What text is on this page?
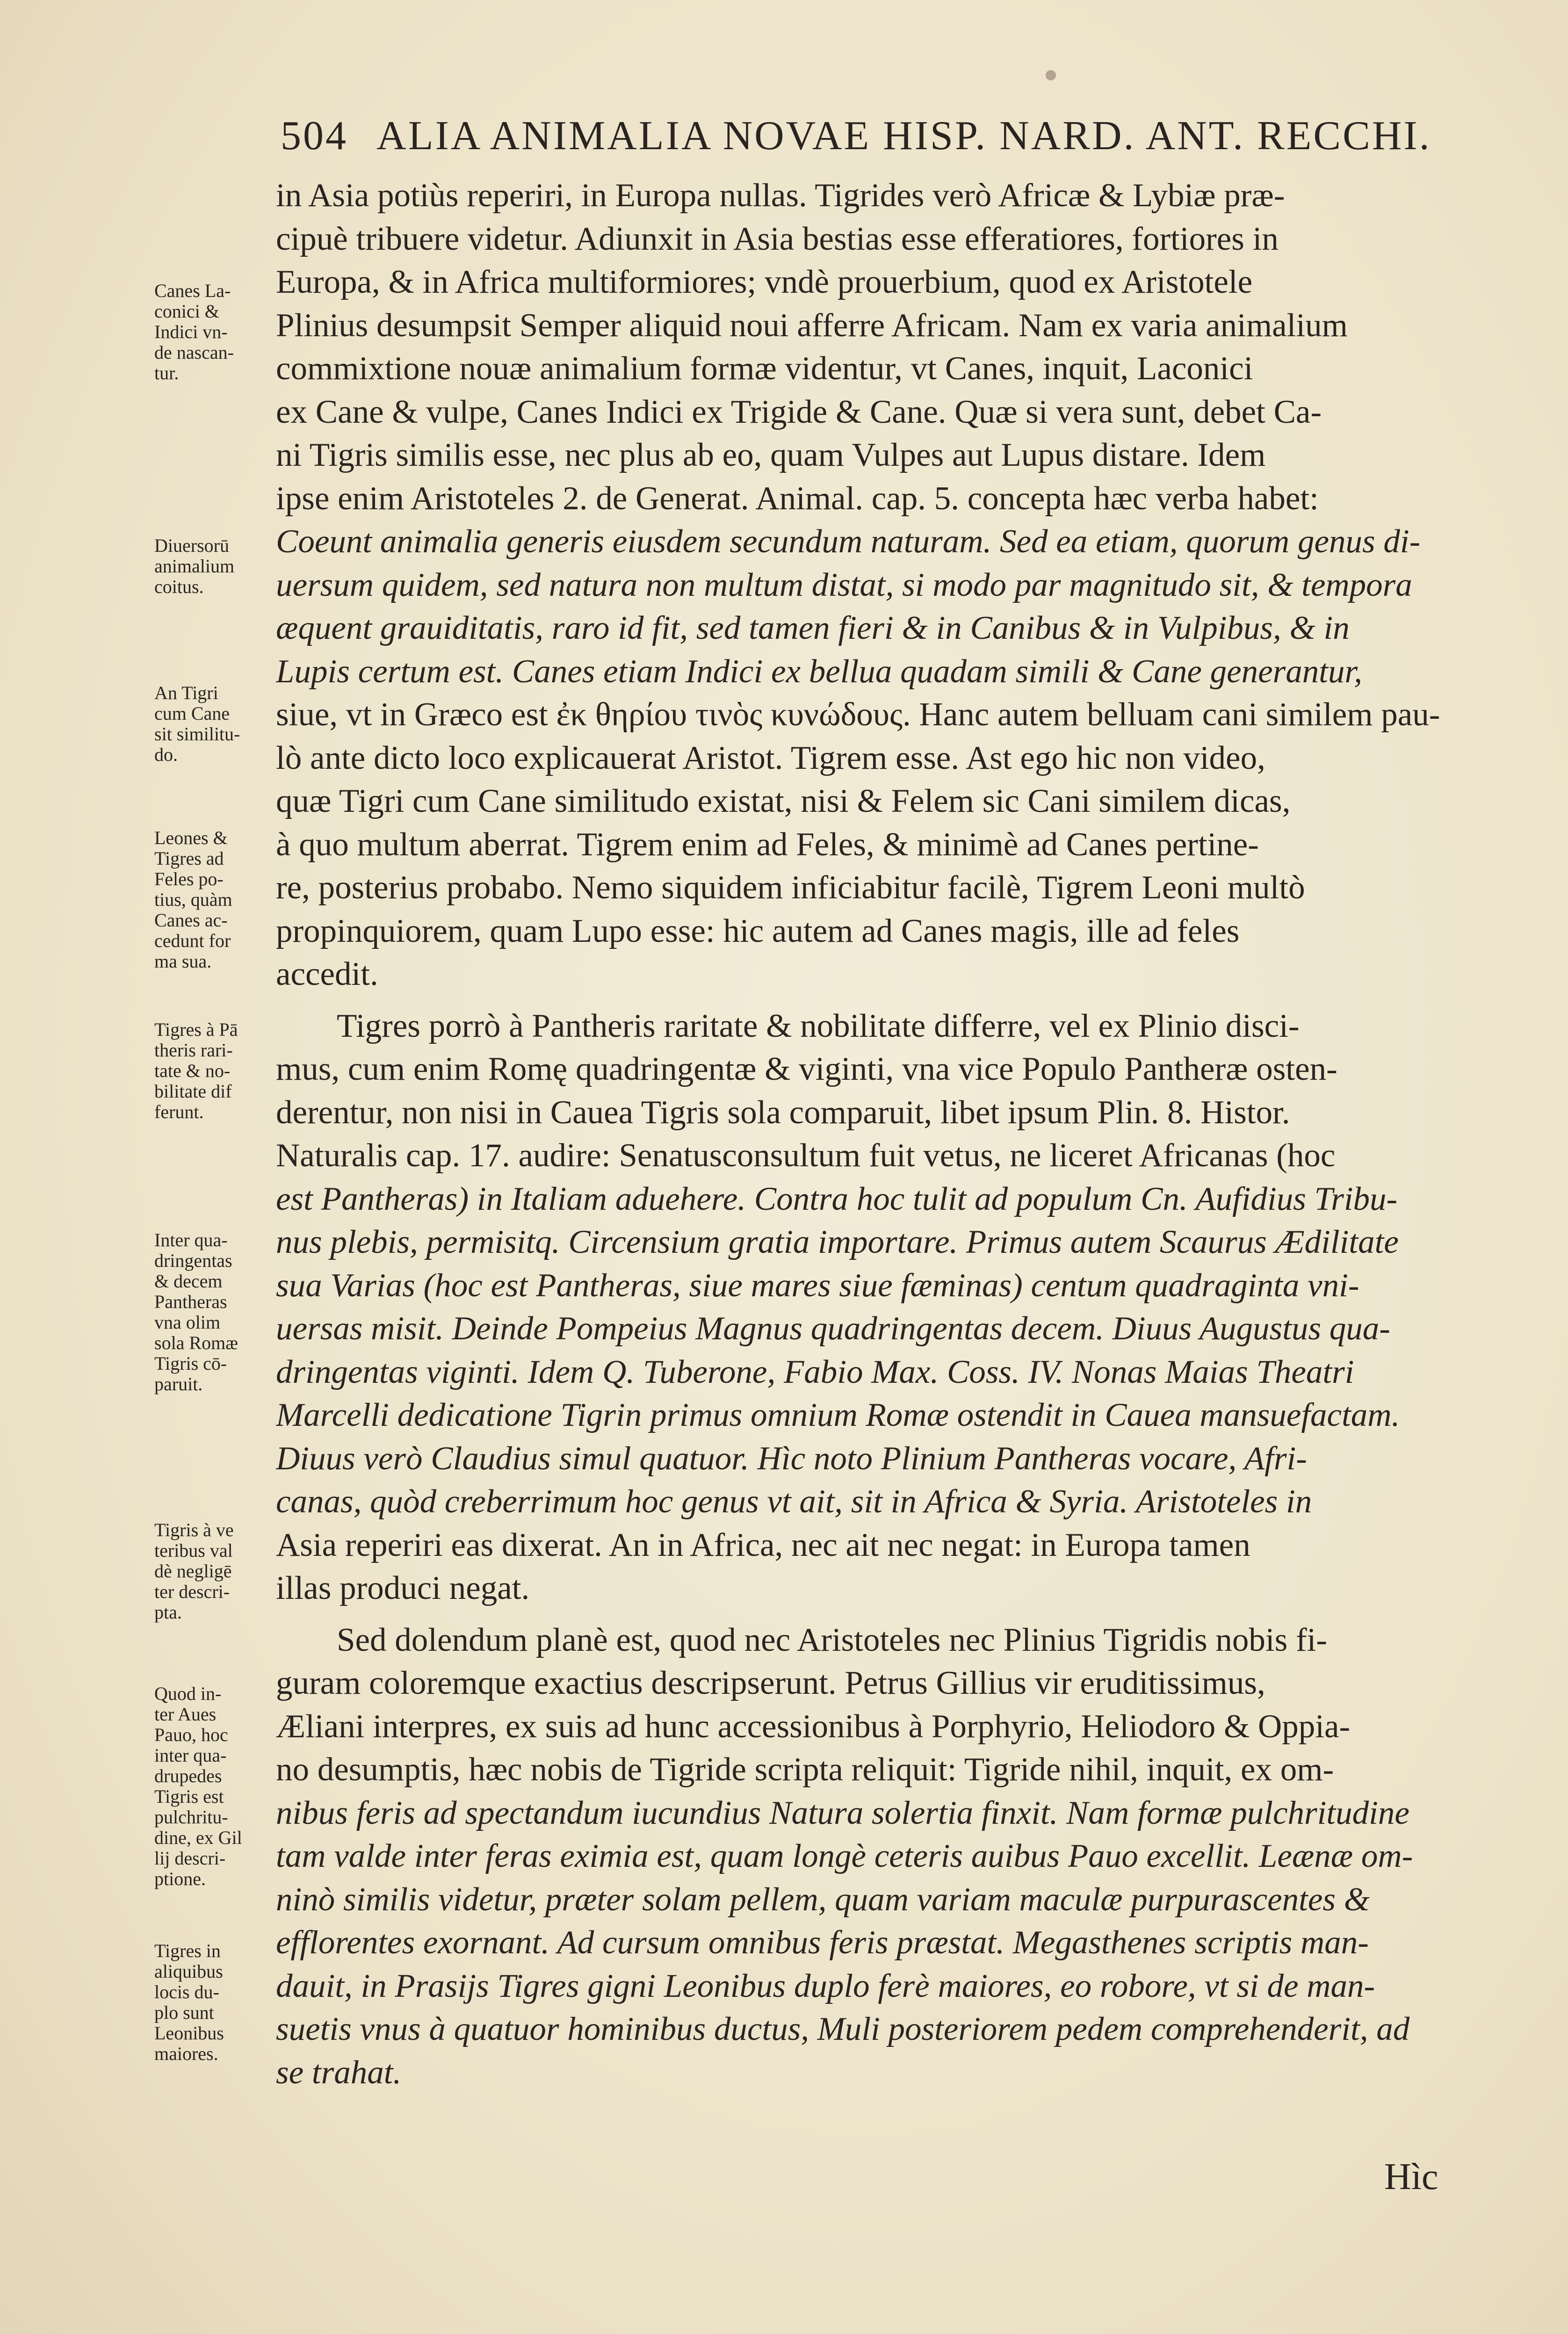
504 ALIA ANIMALIA NOVAE HISP. NARD. ANT. RECCHI.
in Asia potiùs reperiri, in Europa nullas. Tigrides verò Africæ & Lybiæ præ-
cipuè tribuere videtur. Adiunxit in Asia bestias esse efferatiores, fortiores in
Europa, & in Africa multiformiores; vndè prouerbium, quod ex Aristotele
Plinius desumpsit Semper aliquid noui afferre Africam. Nam ex varia animalium
commixtione nouæ animalium formæ videntur, vt Canes, inquit, Laconici
ex Cane & vulpe, Canes Indici ex Trigide & Cane. Quæ si vera sunt, debet Ca-
ni Tigris similis esse, nec plus ab eo, quam Vulpes aut Lupus distare. Idem
ipse enim Aristoteles 2. de Generat. Animal. cap. 5. concepta hæc verba habet:
Coeunt animalia generis eiusdem secundum naturam. Sed ea etiam, quorum genus di-
uersum quidem, sed natura non multum distat, si modo par magnitudo sit, & tempora
æquent grauiditatis, raro id fit, sed tamen fieri & in Canibus & in Vulpibus, & in
Lupis certum est. Canes etiam Indici ex bellua quadam simili & Cane generantur,
siue, vt in Græco est ἐκ θηρίου τινὸς κυνώδους. Hanc autem belluam cani similem pau-
lò ante dicto loco explicauerat Aristot. Tigrem esse. Ast ego hic non video,
quæ Tigri cum Cane similitudo existat, nisi & Felem sic Cani similem dicas,
à quo multum aberrat. Tigrem enim ad Feles, & minimè ad Canes pertine-
re, posterius probabo. Nemo siquidem inficiabitur facilè, Tigrem Leoni multò
propinquiorem, quam Lupo esse: hic autem ad Canes magis, ille ad feles
accedit.
Tigres porrò à Pantheris raritate & nobilitate differre, vel ex Plinio disci-
mus, cum enim Romę quadringentæ & viginti, vna vice Populo Pantheræ osten-
derentur, non nisi in Cauea Tigris sola comparuit, libet ipsum Plin. 8. Histor.
Naturalis cap. 17. audire: Senatusconsultum fuit vetus, ne liceret Africanas (hoc
est Pantheras) in Italiam aduehere. Contra hoc tulit ad populum Cn. Aufidius Tribu-
nus plebis, permisitq. Circensium gratia importare. Primus autem Scaurus Ædilitate
sua Varias (hoc est Pantheras, siue mares siue fæminas) centum quadraginta vni-
uersas misit. Deinde Pompeius Magnus quadringentas decem. Diuus Augustus qua-
dringentas viginti. Idem Q. Tuberone, Fabio Max. Coss. IV. Nonas Maias Theatri
Marcelli dedicatione Tigrin primus omnium Romæ ostendit in Cauea mansuefactam.
Diuus verò Claudius simul quatuor. Hìc noto Plinium Pantheras vocare, Afri-
canas, quòd creberrimum hoc genus vt ait, sit in Africa & Syria. Aristoteles in
Asia reperiri eas dixerat. An in Africa, nec ait nec negat: in Europa tamen
illas produci negat.
Sed dolendum planè est, quod nec Aristoteles nec Plinius Tigridis nobis fi-
guram coloremque exactius descripserunt. Petrus Gillius vir eruditissimus,
Æliani interpres, ex suis ad hunc accessionibus à Porphyrio, Heliodoro & Oppia-
no desumptis, hæc nobis de Tigride scripta reliquit: Tigride nihil, inquit, ex om-
nibus feris ad spectandum iucundius Natura solertia finxit. Nam formæ pulchritudine
tam valde inter feras eximia est, quam longè ceteris auibus Pauo excellit. Leænæ om-
ninò similis videtur, præter solam pellem, quam variam maculæ purpurascentes &
efflorentes exornant. Ad cursum omnibus feris præstat. Megasthenes scriptis man-
dauit, in Prasijs Tigres gigni Leonibus duplo ferè maiores, eo robore, vt si de man-
suetis vnus à quatuor hominibus ductus, Muli posteriorem pedem comprehenderit, ad
se trahat.
Canes La-
conici &
Indici vn-
de nascan-
tur.
Diuersorū
animalium
coitus.
An Tigri
cum Cane
sit similitu-
do.
Leones &
Tigres ad
Feles po-
tius, quàm
Canes ac-
cedunt for
ma sua.
Tigres à Pā
theris rari-
tate & no-
bilitate dif
ferunt.
Inter qua-
dringentas
& decem
Pantheras
vna olim
sola Romæ
Tigris cō-
paruit.
Tigris à ve
teribus val
dè negligē
ter descri-
pta.
Quod in-
ter Aues
Pauo, hoc
inter qua-
drupedes
Tigris est
pulchritu-
dine, ex Gil
lij descri-
ptione.
Tigres in
aliquibus
locis du-
plo sunt
Leonibus
maiores.
Hìc
